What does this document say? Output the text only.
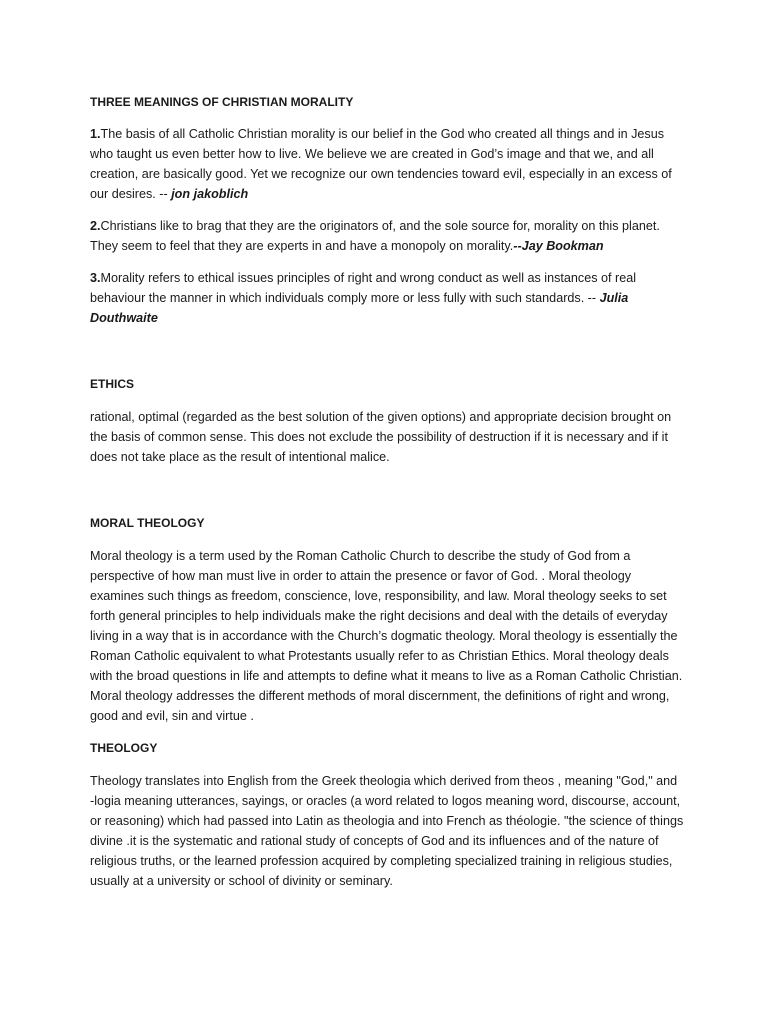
THREE MEANINGS OF CHRISTIAN MORALITY

1.The basis of all Catholic Christian morality is our belief in the God who created all things and in Jesus who taught us even better how to live. We believe we are created in God’s image and that we, and all creation, are basically good. Yet we recognize our own tendencies toward evil, especially in an excess of our desires. -- jon jakoblich

2.Christians like to brag that they are the originators of, and the sole source for, morality on this planet. They seem to feel that they are experts in and have a monopoly on morality.--Jay Bookman

3.Morality refers to ethical issues principles of right and wrong conduct as well as instances of real behaviour the manner in which individuals comply more or less fully with such standards. -- Julia Douthwaite

ETHICS

rational, optimal (regarded as the best solution of the given options) and appropriate decision brought on the basis of common sense. This does not exclude the possibility of destruction if it is necessary and if it does not take place as the result of intentional malice.

MORAL THEOLOGY

Moral theology is a term used by the Roman Catholic Church to describe the study of God from a perspective of how man must live in order to attain the presence or favor of God. . Moral theology examines such things as freedom, conscience, love, responsibility, and law. Moral theology seeks to set forth general principles to help individuals make the right decisions and deal with the details of everyday living in a way that is in accordance with the Church’s dogmatic theology. Moral theology is essentially the Roman Catholic equivalent to what Protestants usually refer to as Christian Ethics. Moral theology deals with the broad questions in life and attempts to define what it means to live as a Roman Catholic Christian. Moral theology addresses the different methods of moral discernment, the definitions of right and wrong, good and evil, sin and virtue .

THEOLOGY

Theology translates into English from the Greek theologia which derived from theos , meaning "God," and -logia meaning utterances, sayings, or oracles (a word related to logos meaning word, discourse, account, or reasoning) which had passed into Latin as theologia and into French as théologie. "the science of things divine .it is the systematic and rational study of concepts of God and its influences and of the nature of religious truths, or the learned profession acquired by completing specialized training in religious studies, usually at a university or school of divinity or seminary.
